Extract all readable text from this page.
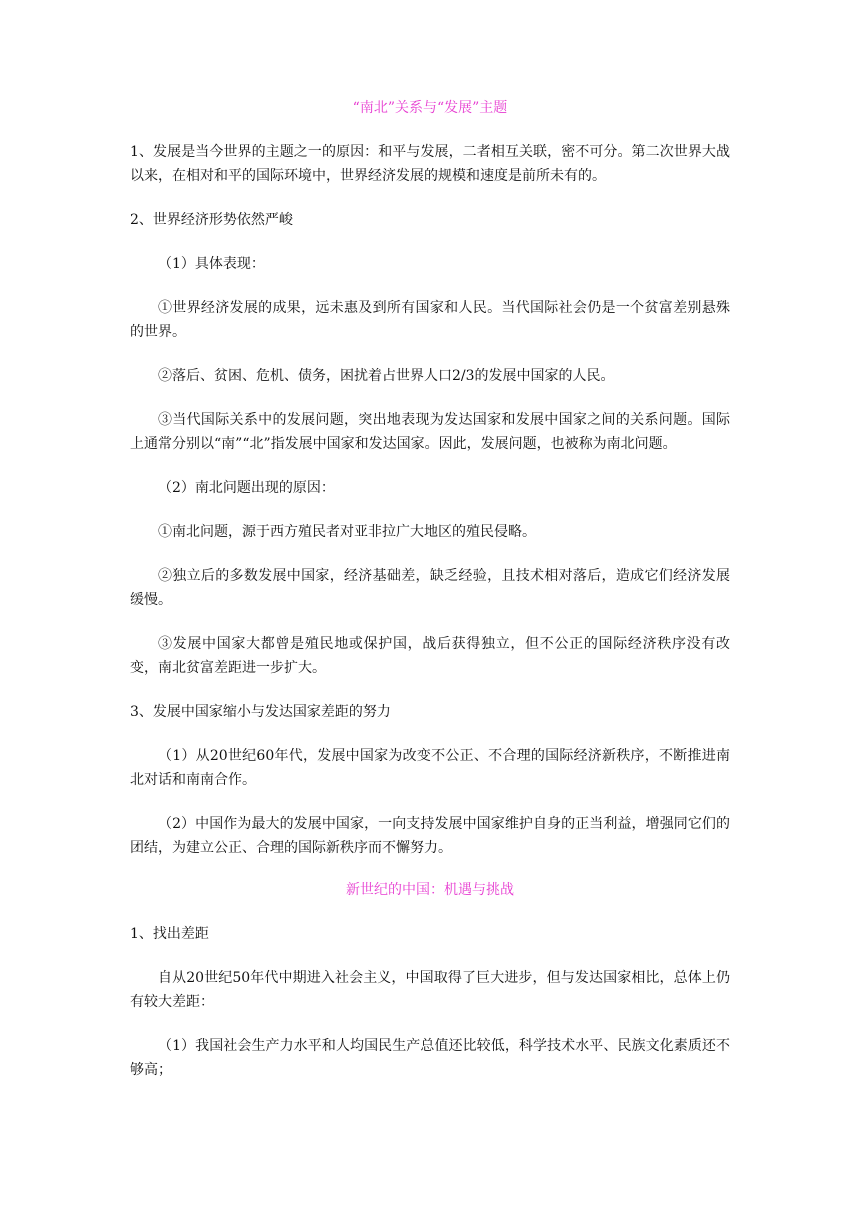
“南北”关系与“发展”主题

1、发展是当今世界的主题之一的原因：和平与发展，二者相互关联，密不可分。第二次世界大战以来，在相对和平的国际环境中，世界经济发展的规模和速度是前所未有的。

2、世界经济形势依然严峻

（1）具体表现：

①世界经济发展的成果，远未惠及到所有国家和人民。当代国际社会仍是一个贫富差别悬殊的世界。

②落后、贫困、危机、债务，困扰着占世界人口2/3的发展中国家的人民。

③当代国际关系中的发展问题，突出地表现为发达国家和发展中国家之间的关系问题。国际上通常分别以“南”“北”指发展中国家和发达国家。因此，发展问题，也被称为南北问题。

（2）南北问题出现的原因：

①南北问题，源于西方殖民者对亚非拉广大地区的殖民侵略。

②独立后的多数发展中国家，经济基础差，缺乏经验，且技术相对落后，造成它们经济发展缓慢。

③发展中国家大都曾是殖民地或保护国，战后获得独立，但不公正的国际经济秩序没有改变，南北贫富差距进一步扩大。

3、发展中国家缩小与发达国家差距的努力

（1）从20世纪60年代，发展中国家为改变不公正、不合理的国际经济新秩序，不断推进南北对话和南南合作。

（2）中国作为最大的发展中国家，一向支持发展中国家维护自身的正当利益，增强同它们的团结，为建立公正、合理的国际新秩序而不懈努力。

新世纪的中国：机遇与挑战

1、找出差距

自从20世纪50年代中期进入社会主义，中国取得了巨大进步，但与发达国家相比，总体上仍有较大差距：

（1）我国社会生产力水平和人均国民生产总值还比较低，科学技术水平、民族文化素质还不够高；
